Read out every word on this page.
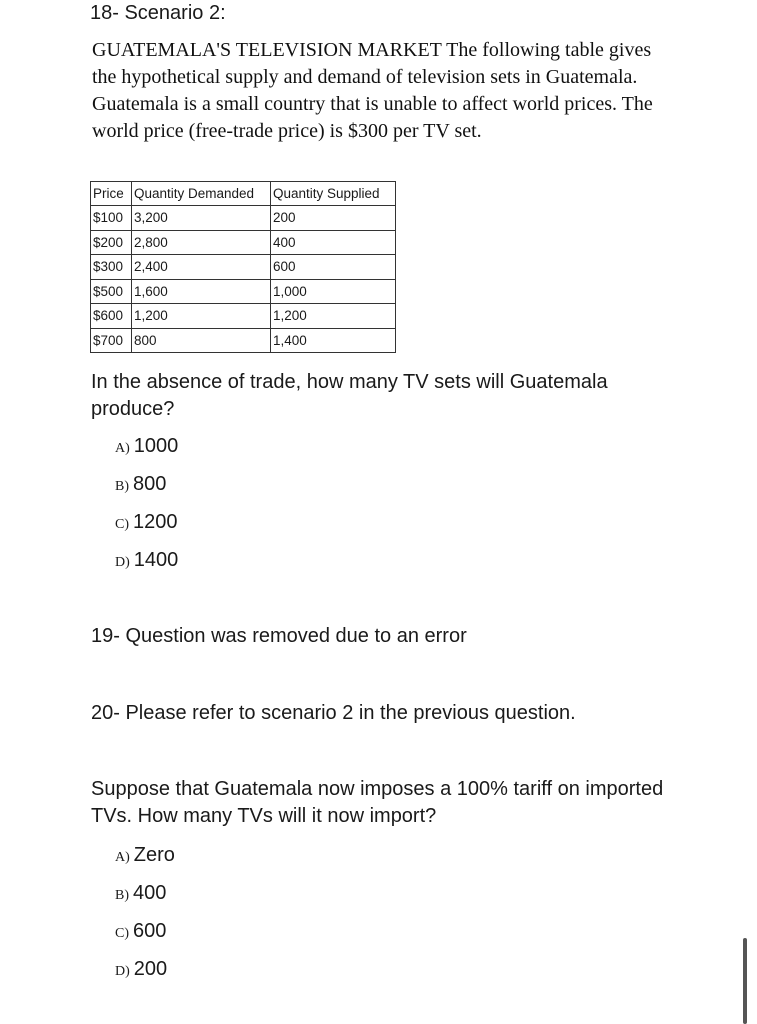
18- Scenario 2:
GUATEMALA'S TELEVISION MARKET The following table gives the hypothetical supply and demand of television sets in Guatemala. Guatemala is a small country that is unable to affect world prices. The world price (free-trade price) is $300 per TV set.
Price	Quantity Demanded	Quantity Supplied
$100	3,200	200
$200	2,800	400
$300	2,400	600
$500	1,600	1,000
$600	1,200	1,200
$700	800	1,400
In the absence of trade, how many TV sets will Guatemala produce?
A) 1000
B) 800
C) 1200
D) 1400
19- Question was removed due to an error
20- Please refer to scenario 2 in the previous question.
Suppose that Guatemala now imposes a 100% tariff on imported TVs. How many TVs will it now import?
A) Zero
B) 400
C) 600
D) 200
